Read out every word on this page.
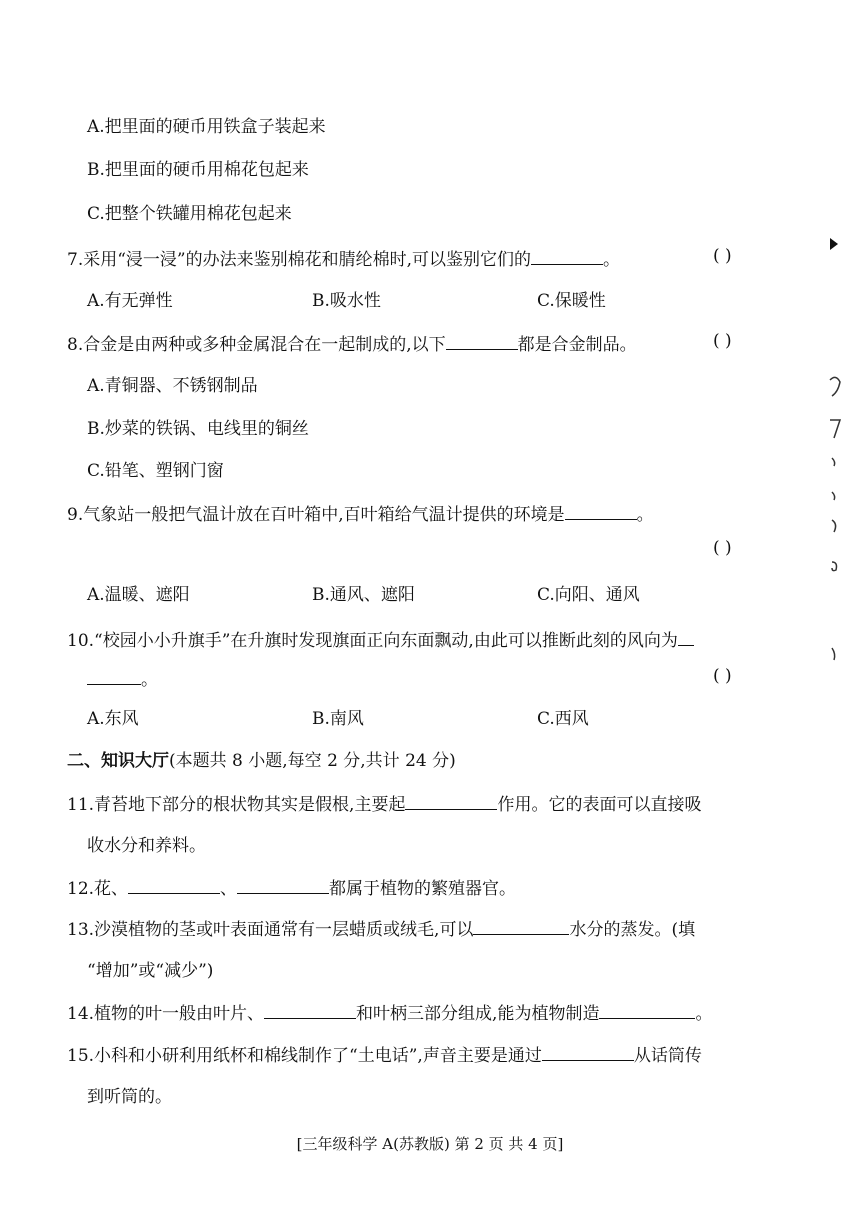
A.把里面的硬币用铁盒子装起来
B.把里面的硬币用棉花包起来
C.把整个铁罐用棉花包起来
7.采用“浸一浸”的办法来鉴别棉花和腈纶棉时,可以鉴别它们的	。	( )
A.有无弹性	B.吸水性	C.保暖性
8.合金是由两种或多种金属混合在一起制成的,以下	都是合金制品。	( )
A.青铜器、不锈钢制品
B.炒菜的铁锅、电线里的铜丝
C.铅笔、塑钢门窗
9.气象站一般把气温计放在百叶箱中,百叶箱给气温计提供的环境是	。
( )
A.温暖、遮阳	B.通风、遮阳	C.向阳、通风
10.“校园小小升旗手”在升旗时发现旗面正向东面飘动,由此可以推断此刻的风向为
。	( )
A.东风	B.南风	C.西风
二、知识大厅(本题共 8 小题,每空 2 分,共计 24 分)
11.青苔地下部分的根状物其实是假根,主要起	作用。它的表面可以直接吸
收水分和养料。
12.花、	、	都属于植物的繁殖器官。
13.沙漠植物的茎或叶表面通常有一层蜡质或绒毛,可以	水分的蒸发。(填
“增加”或“减少”)
14.植物的叶一般由叶片、	和叶柄三部分组成,能为植物制造	。
15.小科和小研利用纸杯和棉线制作了“土电话”,声音主要是通过	从话筒传
到听筒的。
[三年级科学 A(苏教版) 第 2 页 共 4 页]
